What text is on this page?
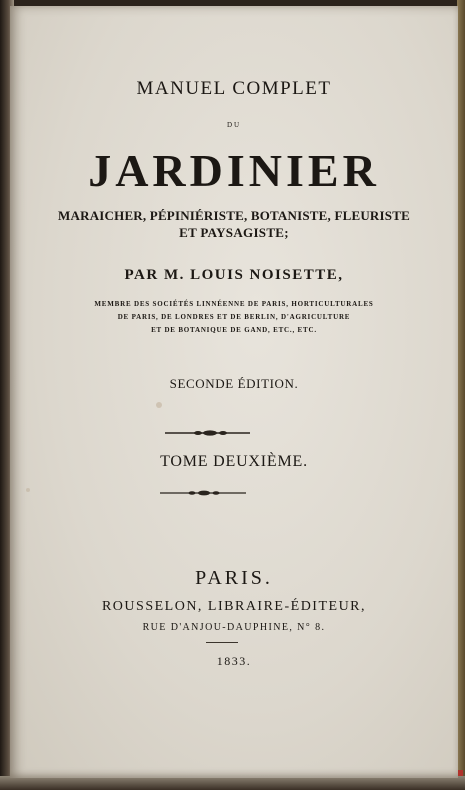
MANUEL COMPLET
DU
JARDINIER
MARAICHER, PÉPINIÉRISTE, BOTANISTE, FLEURISTE
ET PAYSAGISTE;
PAR M. LOUIS NOISETTE,
MEMBRE DES SOCIÉTÉS LINNÉENNE DE PARIS, HORTICULTURALES
DE PARIS, DE LONDRES ET DE BERLIN, D'AGRICULTURE
ET DE BOTANIQUE DE GAND, ETC., ETC.
SECONDE ÉDITION.
TOME DEUXIÈME.
PARIS.
ROUSSELON, LIBRAIRE-ÉDITEUR,
RUE D'ANJOU-DAUPHINE, N° 8.
1833.
